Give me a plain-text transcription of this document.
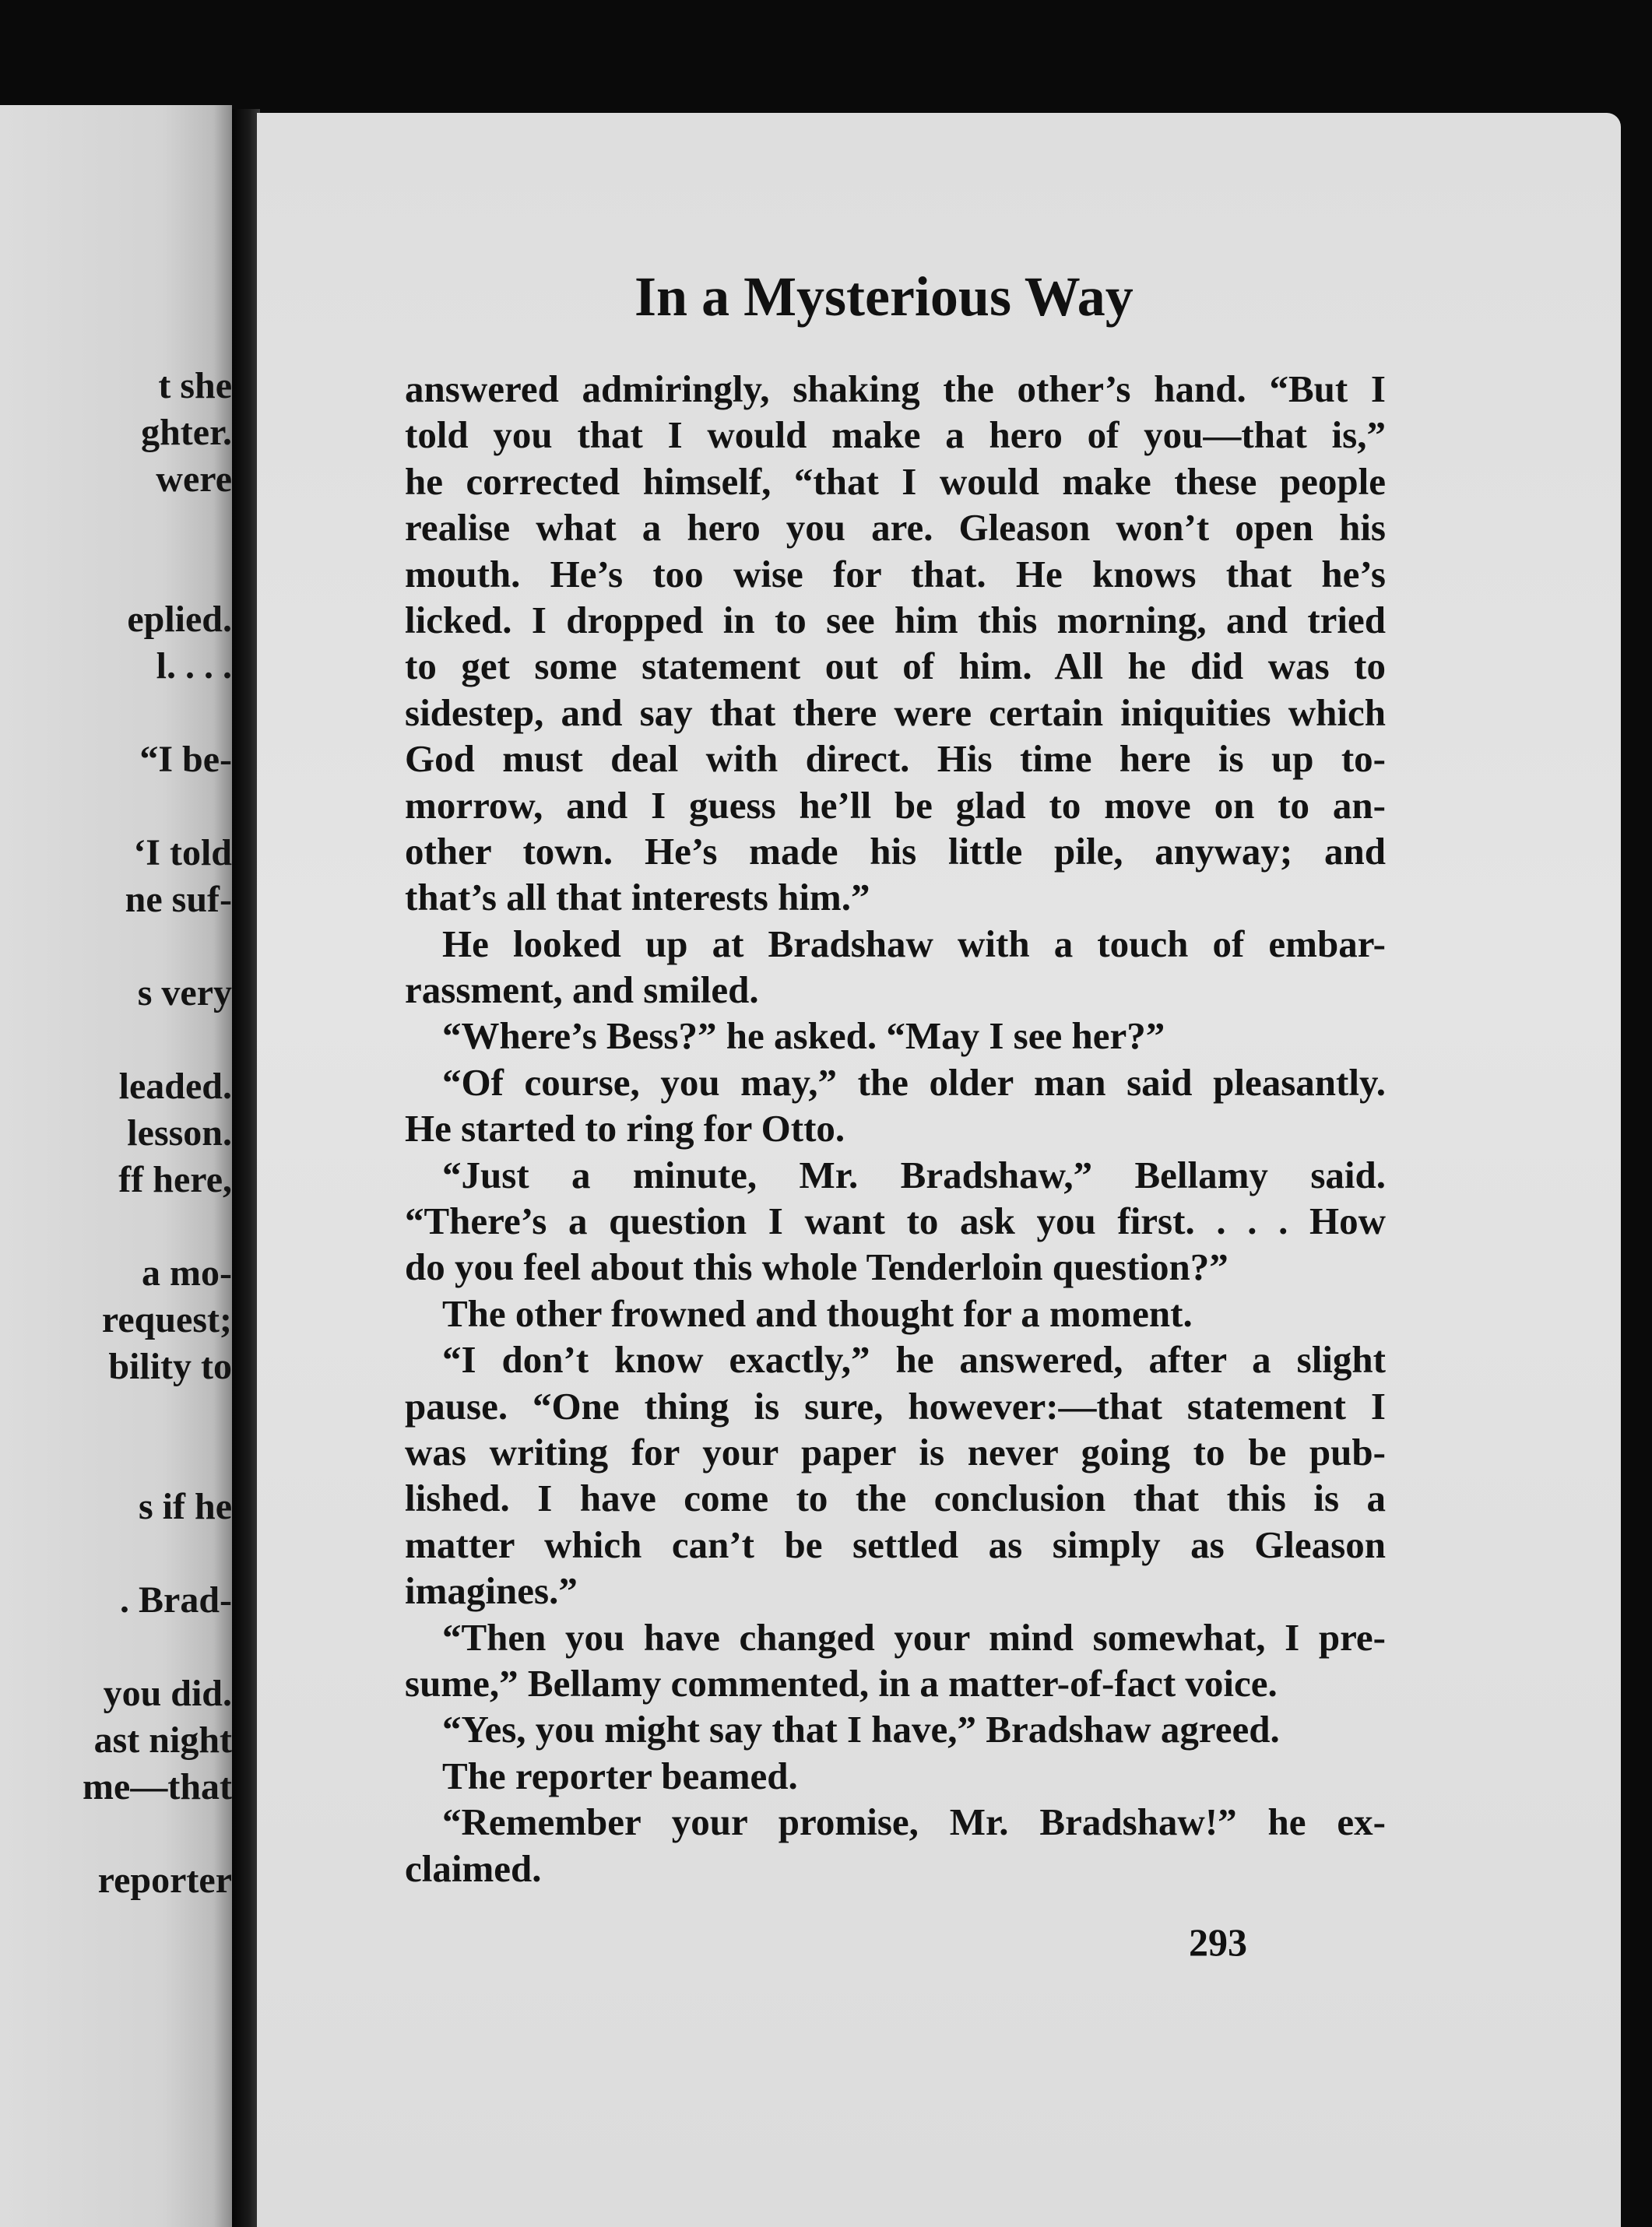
t she
ghter.
were
eplied.
l. . . .
“I be-
‘I told
ne suf-
s very
leaded.
lesson.
ff here,
a mo-
request;
bility to
s if he
. Brad-
you did.
ast night
me—that
reporter
In a Mysterious Way
answered admiringly, shaking the other’s hand. “But I
told you that I would make a hero of you—that is,”
he corrected himself, “that I would make these people
realise what a hero you are. Gleason won’t open his
mouth. He’s too wise for that. He knows that he’s
licked. I dropped in to see him this morning, and tried
to get some statement out of him. All he did was to
sidestep, and say that there were certain iniquities which
God must deal with direct. His time here is up to-
morrow, and I guess he’ll be glad to move on to an-
other town. He’s made his little pile, anyway; and
that’s all that interests him.”
He looked up at Bradshaw with a touch of embar-
rassment, and smiled.
“Where’s Bess?” he asked. “May I see her?”
“Of course, you may,” the older man said pleasantly.
He started to ring for Otto.
“Just a minute, Mr. Bradshaw,” Bellamy said.
“There’s a question I want to ask you first. . . . How
do you feel about this whole Tenderloin question?”
The other frowned and thought for a moment.
“I don’t know exactly,” he answered, after a slight
pause. “One thing is sure, however:—that statement I
was writing for your paper is never going to be pub-
lished. I have come to the conclusion that this is a
matter which can’t be settled as simply as Gleason
imagines.”
“Then you have changed your mind somewhat, I pre-
sume,” Bellamy commented, in a matter-of-fact voice.
“Yes, you might say that I have,” Bradshaw agreed.
The reporter beamed.
“Remember your promise, Mr. Bradshaw!” he ex-
claimed.
293
